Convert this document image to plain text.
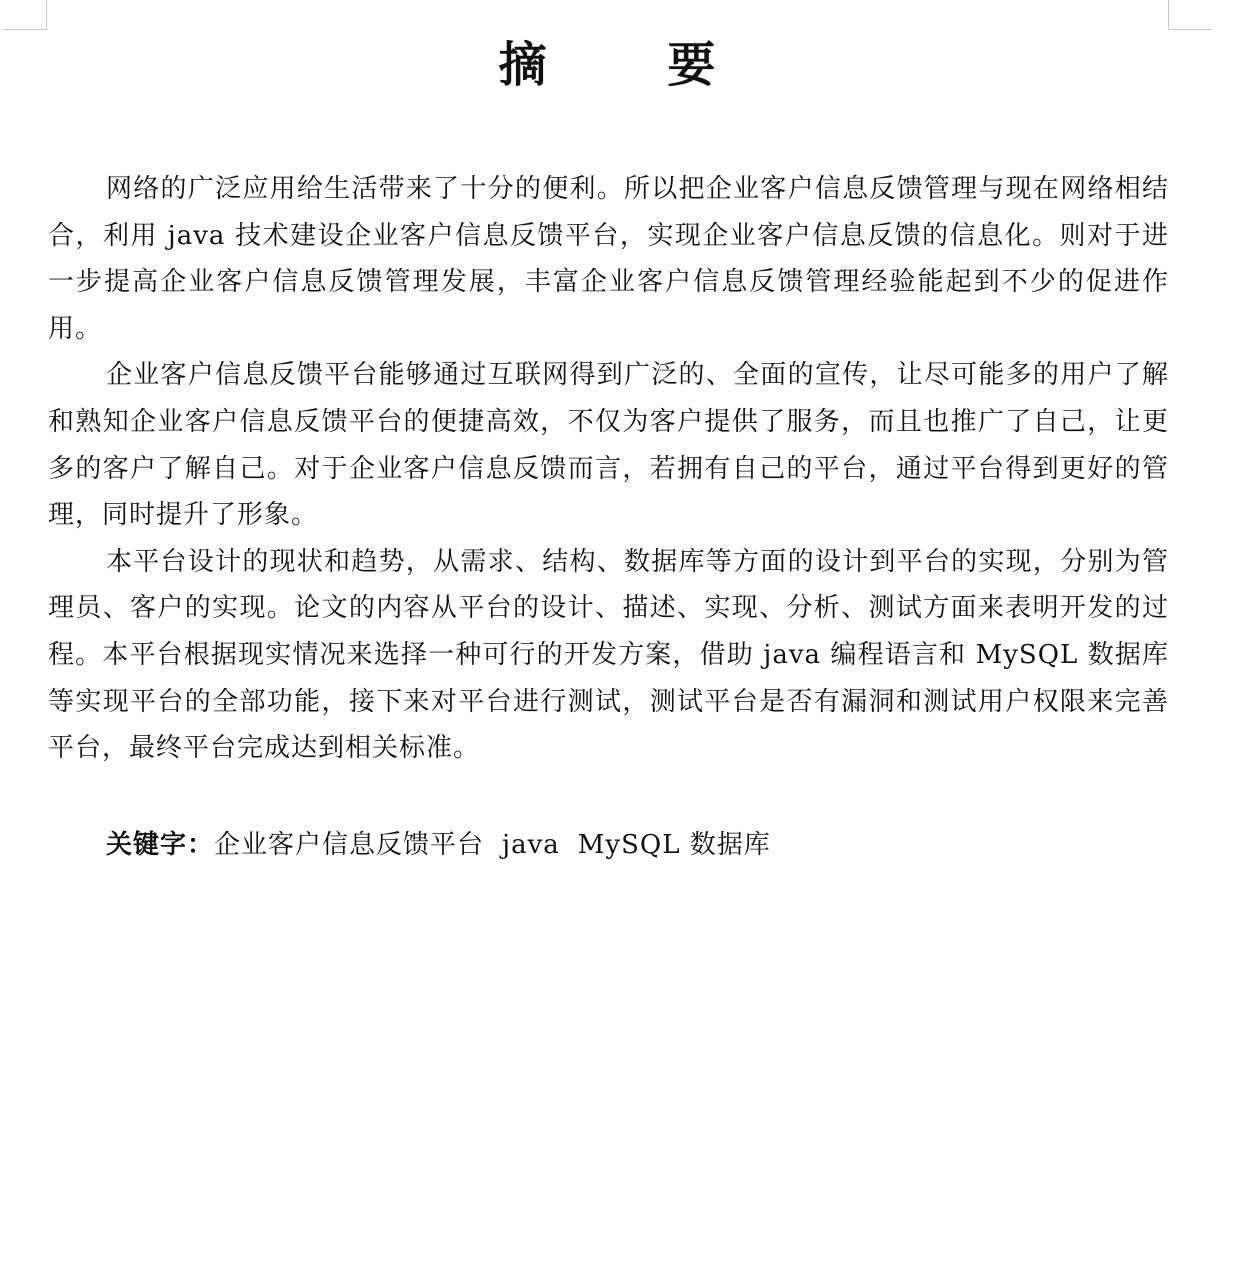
摘 要

网络的广泛应用给生活带来了十分的便利。所以把企业客户信息反馈管理与现在网络相结合，利用 java 技术建设企业客户信息反馈平台，实现企业客户信息反馈的信息化。则对于进一步提高企业客户信息反馈管理发展，丰富企业客户信息反馈管理经验能起到不少的促进作用。

企业客户信息反馈平台能够通过互联网得到广泛的、全面的宣传，让尽可能多的用户了解和熟知企业客户信息反馈平台的便捷高效，不仅为客户提供了服务，而且也推广了自己，让更多的客户了解自己。对于企业客户信息反馈而言，若拥有自己的平台，通过平台得到更好的管理，同时提升了形象。

本平台设计的现状和趋势，从需求、结构、数据库等方面的设计到平台的实现，分别为管理员、客户的实现。论文的内容从平台的设计、描述、实现、分析、测试方面来表明开发的过程。本平台根据现实情况来选择一种可行的开发方案，借助 java 编程语言和 MySQL 数据库等实现平台的全部功能，接下来对平台进行测试，测试平台是否有漏洞和测试用户权限来完善平台，最终平台完成达到相关标准。

关键字：企业客户信息反馈平台 java MySQL 数据库
